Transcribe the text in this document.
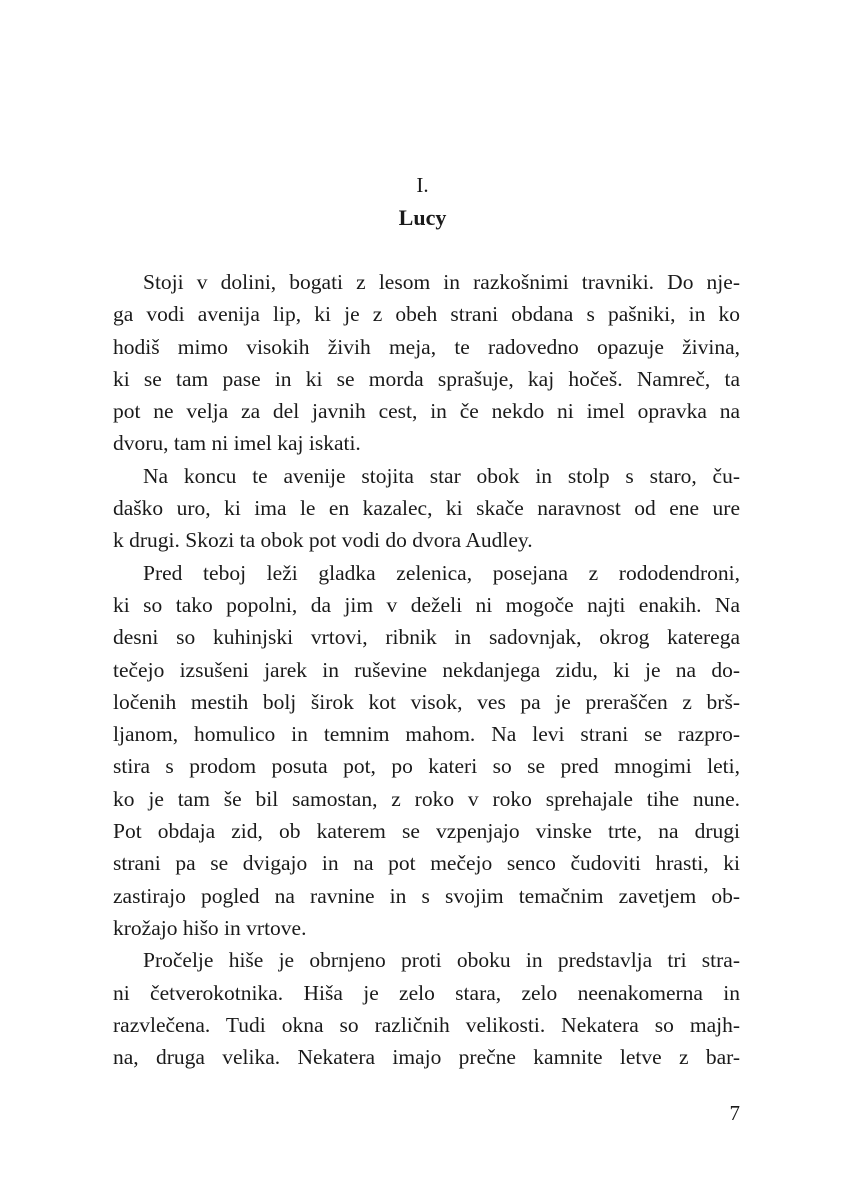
I.
Lucy
Stoji v dolini, bogati z lesom in razkošnimi travniki. Do nje-
ga vodi avenija lip, ki je z obeh strani obdana s pašniki, in ko
hodiš mimo visokih živih meja, te radovedno opazuje živina,
ki se tam pase in ki se morda sprašuje, kaj hočeš. Namreč, ta
pot ne velja za del javnih cest, in če nekdo ni imel opravka na
dvoru, tam ni imel kaj iskati.
Na koncu te avenije stojita star obok in stolp s staro, ču-
daško uro, ki ima le en kazalec, ki skače naravnost od ene ure
k drugi. Skozi ta obok pot vodi do dvora Audley.
Pred teboj leži gladka zelenica, posejana z rododendroni,
ki so tako popolni, da jim v deželi ni mogoče najti enakih. Na
desni so kuhinjski vrtovi, ribnik in sadovnjak, okrog katerega
tečejo izsušeni jarek in ruševine nekdanjega zidu, ki je na do-
ločenih mestih bolj širok kot visok, ves pa je preraščen z brš-
ljanom, homulico in temnim mahom. Na levi strani se razpro-
stira s prodom posuta pot, po kateri so se pred mnogimi leti,
ko je tam še bil samostan, z roko v roko sprehajale tihe nune.
Pot obdaja zid, ob katerem se vzpenjajo vinske trte, na drugi
strani pa se dvigajo in na pot mečejo senco čudoviti hrasti, ki
zastirajo pogled na ravnine in s svojim temačnim zavetjem ob-
krožajo hišo in vrtove.
Pročelje hiše je obrnjeno proti oboku in predstavlja tri stra-
ni četverokotnika. Hiša je zelo stara, zelo neenakomerna in
razvlečena. Tudi okna so različnih velikosti. Nekatera so majh-
na, druga velika. Nekatera imajo prečne kamnite letve z bar-
7
